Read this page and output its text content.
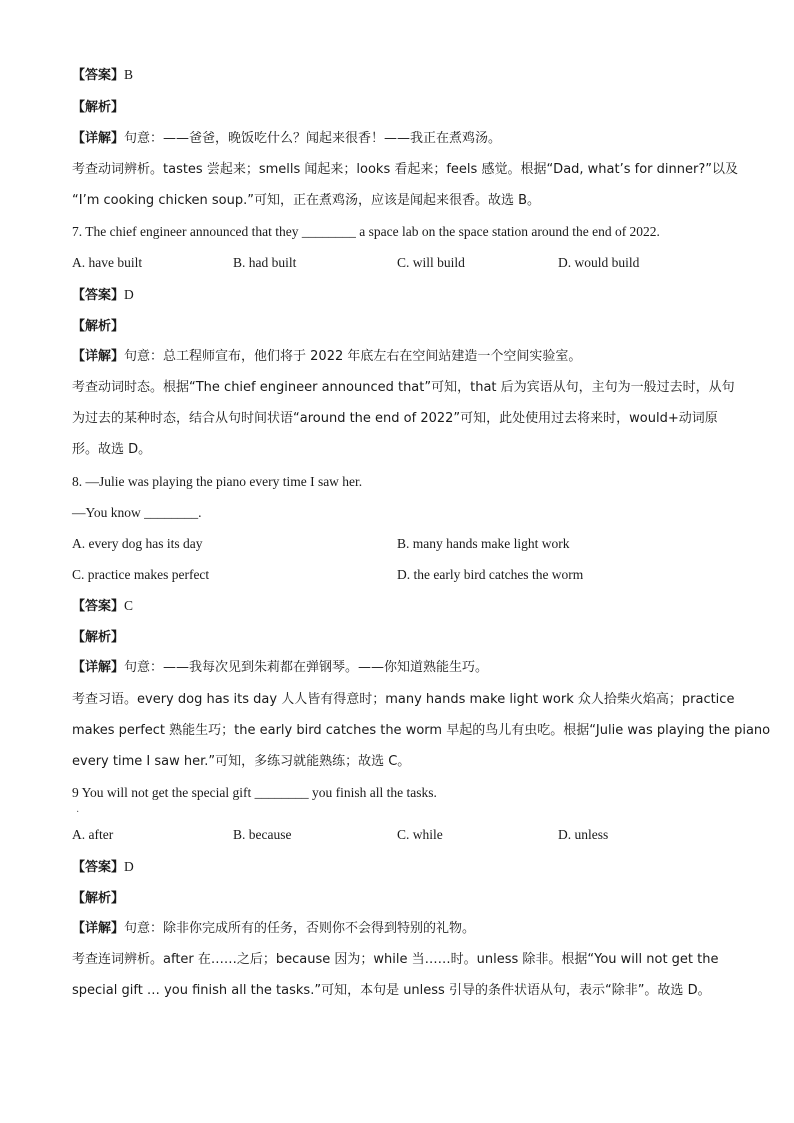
【答案】B
【解析】
【详解】句意：——爸爸，晚饭吃什么？闻起来很香！——我正在煮鸡汤。
考查动词辨析。tastes 尝起来；smells 闻起来；looks 看起来；feels 感觉。根据“Dad, what’s for dinner?”以及
“I’m cooking chicken soup.”可知，正在煮鸡汤，应该是闻起来很香。故选 B。
7. The chief engineer announced that they ________ a space lab on the space station around the end of 2022.
A. have built	B. had built	C. will build	D. would build
【答案】D
【解析】
【详解】句意：总工程师宣布，他们将于 2022 年底左右在空间站建造一个空间实验室。
考查动词时态。根据“The chief engineer announced that”可知，that 后为宾语从句，主句为一般过去时，从句
为过去的某种时态，结合从句时间状语“around the end of 2022”可知，此处使用过去将来时，would+动词原
形。故选 D。
8. —Julie was playing the piano every time I saw her.
—You know ________.
A. every dog has its day	B. many hands make light work
C. practice makes perfect	D. the early bird catches the worm
【答案】C
【解析】
【详解】句意：——我每次见到朱莉都在弹钢琴。——你知道熟能生巧。
考查习语。every dog has its day 人人皆有得意时；many hands make light work 众人拾柴火焰高；practice
makes perfect 熟能生巧；the early bird catches the worm 早起的鸟儿有虫吃。根据“Julie was playing the piano
every time I saw her.”可知，多练习就能熟练；故选 C。
9 You will not get the special gift ________ you finish all the tasks.
·
A. after	B. because	C. while	D. unless
【答案】D
【解析】
【详解】句意：除非你完成所有的任务，否则你不会得到特别的礼物。
考查连词辨析。after 在……之后；because 因为；while 当……时。unless 除非。根据“You will not get the
special gift … you finish all the tasks.”可知，本句是 unless 引导的条件状语从句，表示“除非”。故选 D。
